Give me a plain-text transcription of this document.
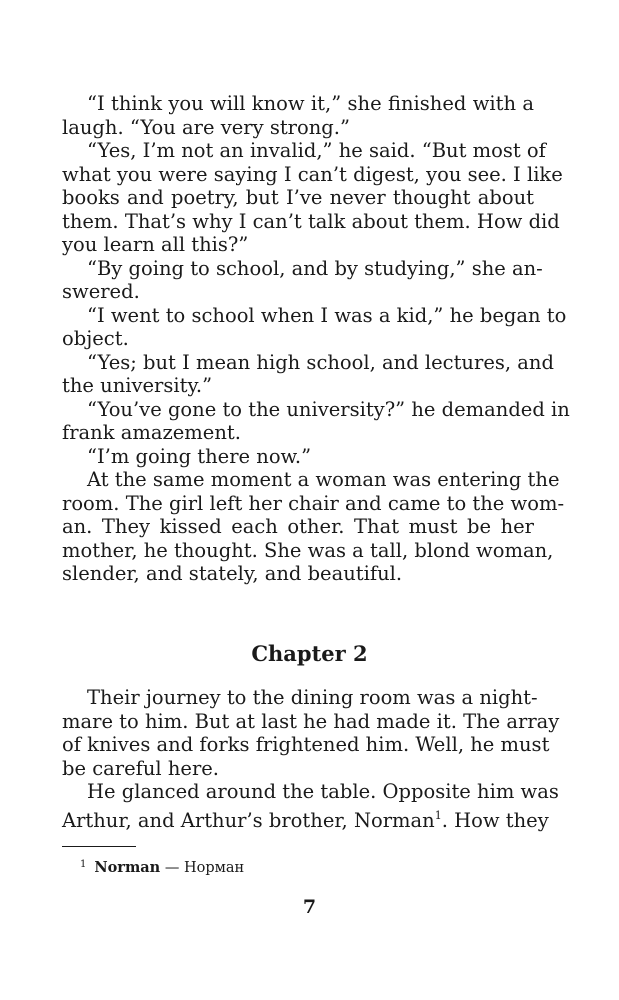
“I think you will know it,” she finished with a

laugh. “You are very strong.”

“Yes, I’m not an invalid,” he said. “But most of

what you were saying I can’t digest, you see. I like

books and poetry, but I’ve never thought about

them. That’s why I can’t talk about them. How did

you learn all this?”

“By going to school, and by studying,” she an-

swered.

“I went to school when I was a kid,” he began to

object.

“Yes; but I mean high school, and lectures, and

the university.”

“You’ve gone to the university?” he demanded in

frank amazement.

“I’m going there now.”

At the same moment a woman was entering the

room. The girl left her chair and came to the wom-

an. They kissed each other. That must be her

mother, he thought. She was a tall, blond woman,

slender, and stately, and beautiful.

Chapter 2

Their journey to the dining room was a night-

mare to him. But at last he had made it. The array

of knives and forks frightened him. Well, he must

be careful here.

He glanced around the table. Opposite him was

Arthur, and Arthur’s brother, Norman$^1$. How they

$^1$ Norman — Норман
7
